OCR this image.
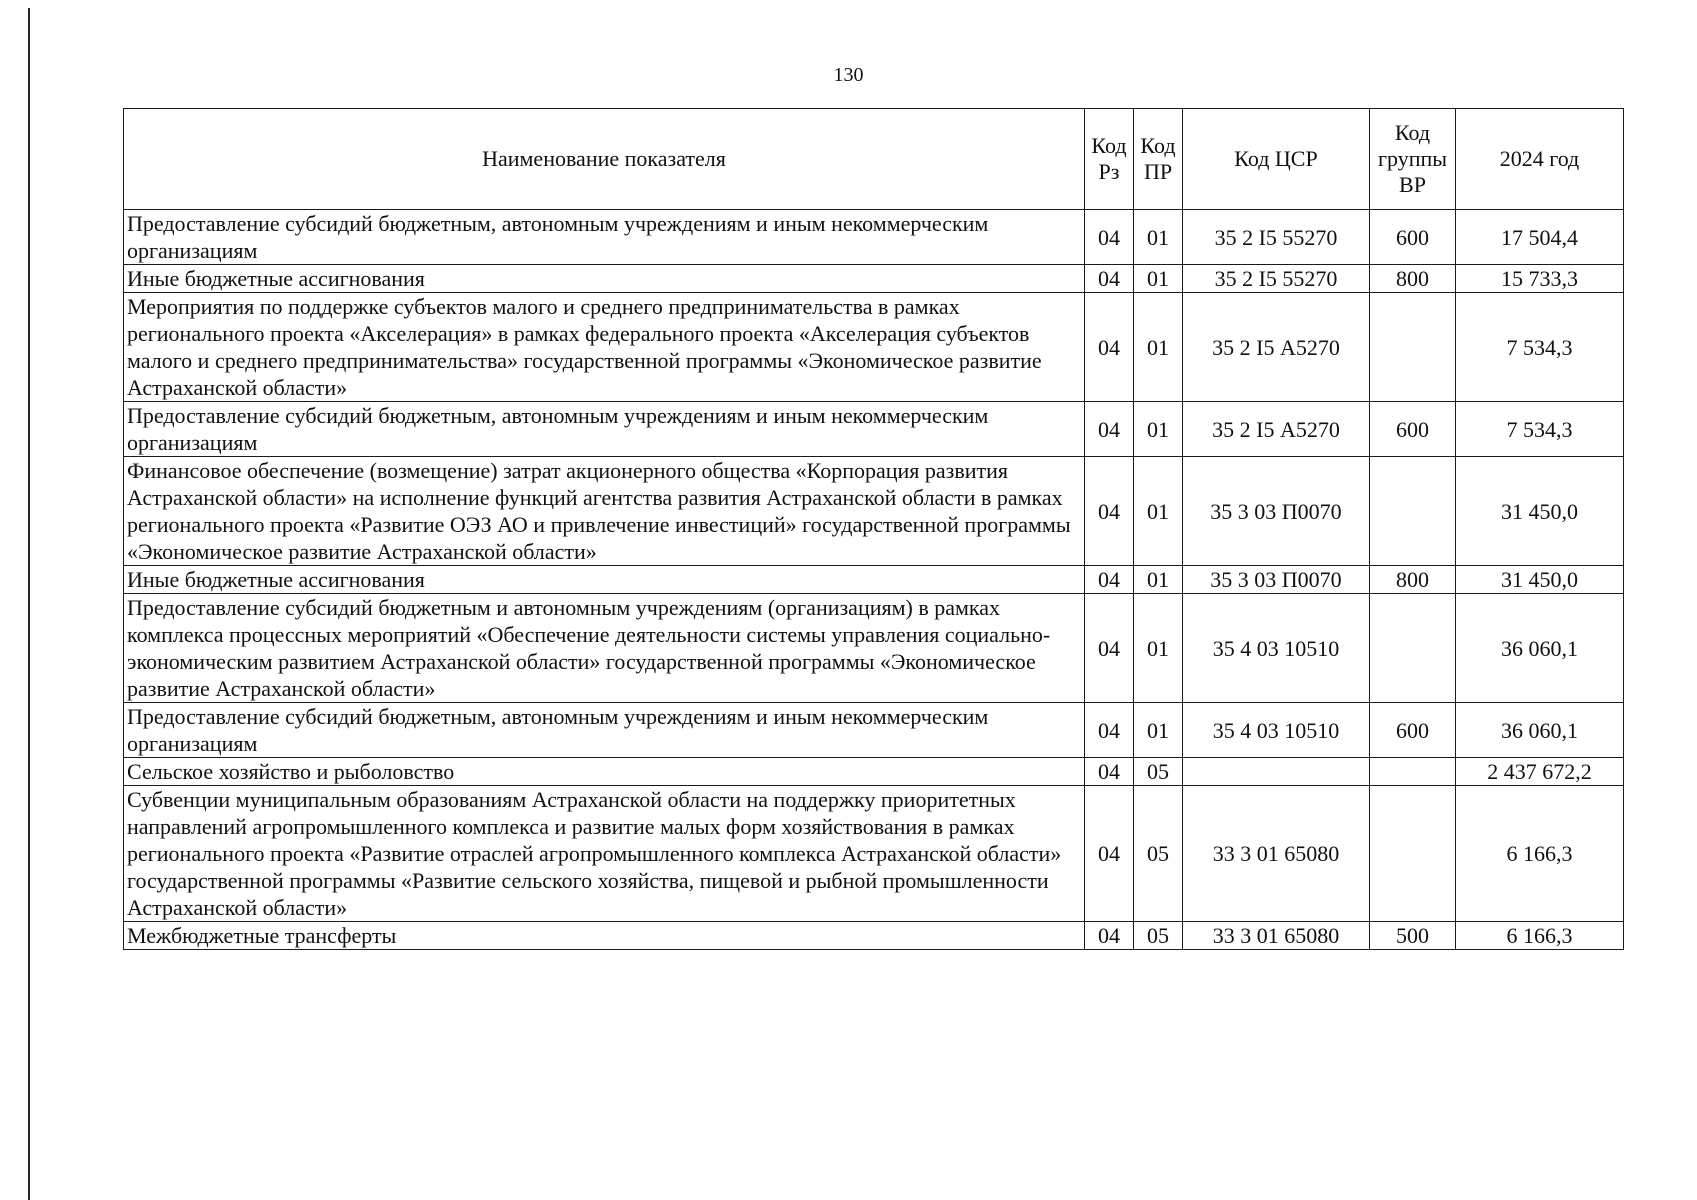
130
Наименование показателя	Код Рз	Код ПР	Код ЦСР	Код группы ВР	2024 год
Предоставление субсидий бюджетным, автономным учреждениям и иным некоммерческим организациям	04	01	35 2 I5 55270	600	17 504,4
Иные бюджетные ассигнования	04	01	35 2 I5 55270	800	15 733,3
Мероприятия по поддержке субъектов малого и среднего предпринимательства в рамках регионального проекта «Акселерация» в рамках федерального проекта «Акселерация субъектов малого и среднего предпринимательства» государственной программы «Экономическое развитие Астраханской области»	04	01	35 2 I5 А5270		7 534,3
Предоставление субсидий бюджетным, автономным учреждениям и иным некоммерческим организациям	04	01	35 2 I5 А5270	600	7 534,3
Финансовое обеспечение (возмещение) затрат акционерного общества «Корпорация развития Астраханской области» на исполнение функций агентства развития Астраханской области в рамках регионального проекта «Развитие ОЭЗ АО и привлечение инвестиций» государственной программы «Экономическое развитие Астраханской области»	04	01	35 3 03 П0070		31 450,0
Иные бюджетные ассигнования	04	01	35 3 03 П0070	800	31 450,0
Предоставление субсидий бюджетным и автономным учреждениям (организациям) в рамках комплекса процессных мероприятий «Обеспечение деятельности системы управления социально-экономическим развитием Астраханской области» государственной программы «Экономическое развитие Астраханской области»	04	01	35 4 03 10510		36 060,1
Предоставление субсидий бюджетным, автономным учреждениям и иным некоммерческим организациям	04	01	35 4 03 10510	600	36 060,1
Сельское хозяйство и рыболовство	04	05			2 437 672,2
Субвенции муниципальным образованиям Астраханской области на поддержку приоритетных направлений агропромышленного комплекса и развитие малых форм хозяйствования в рамках регионального проекта «Развитие отраслей агропромышленного комплекса Астраханской области» государственной программы «Развитие сельского хозяйства, пищевой и рыбной промышленности Астраханской области»	04	05	33 3 01 65080		6 166,3
Межбюджетные трансферты	04	05	33 3 01 65080	500	6 166,3
